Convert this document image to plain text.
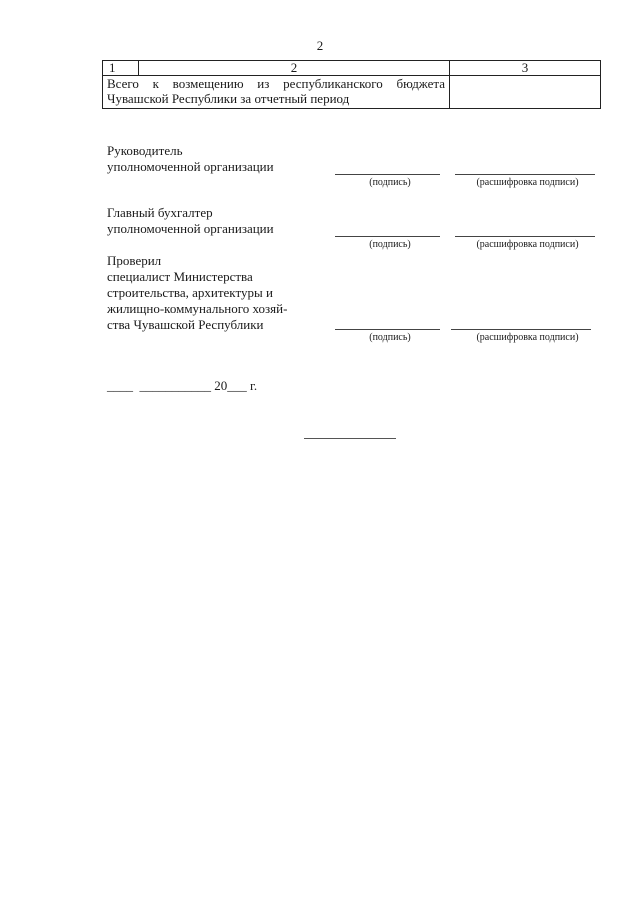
2
1	2	3
Всего к возмещению из республиканского бюджета Чувашской Республики за отчетный период		
Руководитель
уполномоченной организации
(подпись)	(расшифровка подписи)
Главный бухгалтер
уполномоченной организации
(подпись)	(расшифровка подписи)
Проверил
специалист Министерства
строительства, архитектуры и
жилищно-коммунального хозяй-
ства Чувашской Республики
(подпись)	(расшифровка подписи)
____  ___________ 20___ г.
